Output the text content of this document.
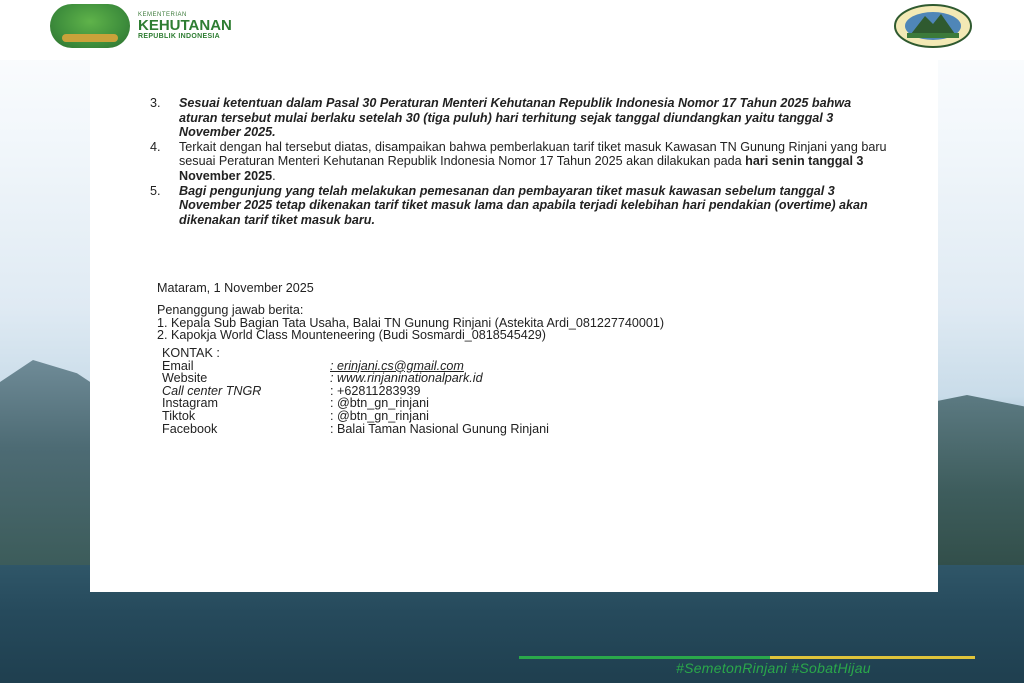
KEMENTERIAN
KEHUTANAN
REPUBLIK INDONESIA
3. Sesuai ketentuan dalam Pasal 30 Peraturan Menteri Kehutanan Republik Indonesia Nomor 17 Tahun 2025 bahwa aturan tersebut mulai berlaku setelah 30 (tiga puluh) hari terhitung sejak tanggal diundangkan yaitu tanggal 3 November 2025.
4. Terkait dengan hal tersebut diatas, disampaikan bahwa pemberlakuan tarif tiket masuk Kawasan TN Gunung Rinjani yang baru sesuai Peraturan Menteri Kehutanan Republik Indonesia Nomor 17 Tahun 2025 akan dilakukan pada hari senin tanggal 3 November 2025.
5. Bagi pengunjung yang telah melakukan pemesanan dan pembayaran tiket masuk kawasan sebelum tanggal 3 November 2025 tetap dikenakan tarif tiket masuk lama dan apabila terjadi kelebihan hari pendakian (overtime) akan dikenakan tarif tiket masuk baru.
Mataram, 1 November 2025
Penanggung jawab berita:
1. Kepala Sub Bagian Tata Usaha, Balai TN Gunung Rinjani (Astekita Ardi_081227740001)
2. Kapokja World Class Mounteneering (Budi Sosmardi_0818545429)
KONTAK :
Email	: erinjani.cs@gmail.com
Website	: www.rinjaninationalpark.id
Call center TNGR	: +62811283939
Instagram	: @btn_gn_rinjani
Tiktok	: @btn_gn_rinjani
Facebook	: Balai Taman Nasional Gunung Rinjani
#SemetonRinjani #SobatHijau
